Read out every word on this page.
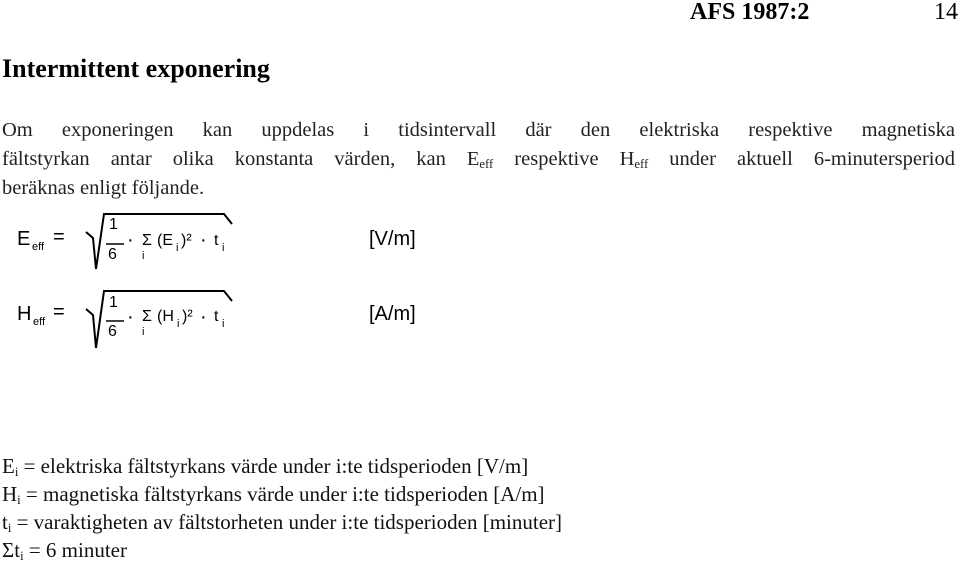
AFS 1987:2	14
Intermittent exponering
Om exponeringen kan uppdelas i tidsintervall där den elektriska respektive magnetiska
fältstyrkan antar olika konstanta värden, kan $E_{eff}$ respektive $H_{eff}$ under aktuell 6-minutersperiod
beräknas enligt följande.
E eff =
1
6
· Σ
i
(E i )² · t i	[V/m]
H eff =	1
6
· Σ
i
(H i )² · t i	[A/m]
$E_i$ = elektriska fältstyrkans värde under i:te tidsperioden [V/m]
$H_i$ = magnetiska fältstyrkans värde under i:te tidsperioden [A/m]
$t_i$ = varaktigheten av fältstorheten under i:te tidsperioden [minuter]
$\Sigma t_i = 6$ minuter
